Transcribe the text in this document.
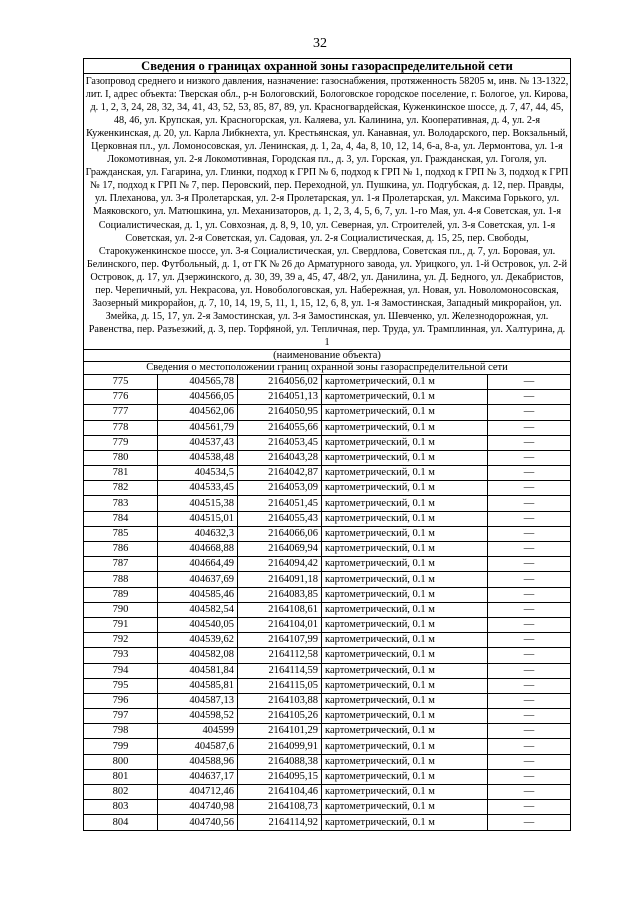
32
Сведения о границах охранной зоны газораспределительной сети				
Газопровод среднего и низкого давления, назначение: газоснабжения, протяженность 58205 м, инв. № 13-1322, лит. I, адрес объекта: Тверская обл., р-н Бологовский, Бологовское городское поселение, г. Бологое, ул. Кирова, д. 1, 2, 3, 24, 28, 32, 34, 41, 43, 52, 53, 85, 87, 89, ул. Красногвардейская, Куженкинское шоссе, д. 7, 47, 44, 45, 48, 46, ул. Крупская, ул. Красногорская, ул. Каляева, ул. Калинина, ул. Кооперативная, д. 4, ул. 2-я Куженкинская, д. 20, ул. Карла Либкнехта, ул. Крестьянская, ул. Канавная, ул. Володарского, пер. Вокзальный, Церковная пл., ул. Ломоносовская, ул. Ленинская, д. 1, 2а, 4, 4а, 8, 10, 12, 14, 6-а, 8-а, ул. Лермонтова, ул. 1-я Локомотивная, ул. 2-я Локомотивная, Городская пл., д. 3, ул. Горская, ул. Гражданская, ул. Гоголя, ул. Гражданская, ул. Гагарина, ул. Глинки, подход к ГРП № 6, подход к ГРП № 1, подход к ГРП № 3, подход к ГРП № 17, подход к ГРП № 7, пер. Перовский, пер. Переходной, ул. Пушкина, ул. Подгубская, д. 12, пер. Правды, ул. Плеханова, ул. 3-я Пролетарская, ул. 2-я Пролетарская, ул. 1-я Пролетарская, ул. Максима Горького, ул. Маяковского, ул. Матюшкина, ул. Механизаторов, д. 1, 2, 3, 4, 5, 6, 7, ул. 1-го Мая, ул. 4-я Советская, ул. 1-я Социалистическая, д. 1, ул. Совхозная, д. 8, 9, 10, ул. Северная, ул. Строителей, ул. 3-я Советская, ул. 1-я Советская, ул. 2-я Советская, ул. Садовая, ул. 2-я Социалистическая, д. 15, 25, пер. Свободы, Старокуженкинское шоссе, ул. 3-я Социалистическая, ул. Свердлова, Советская пл., д. 7, ул. Боровая, ул. Белинского, пер. Футбольный, д. 1, от ГК № 26 до Арматурного завода, ул. Урицкого, ул. 1-й Островок, ул. 2-й Островок, д. 17, ул. Дзержинского, д. 30, 39, 39 а, 45, 47, 48/2, ул. Данилина, ул. Д. Бедного, ул. Декабристов, пер. Черепичный, ул. Некрасова, ул. Новобологовская, ул. Набережная, ул. Новая, ул. Новоломоносовская, Заозерный микрорайон, д. 7, 10, 14, 19, 5, 11, 1, 15, 12, 6, 8, ул. 1-я Замостинская, Западный микрорайон, ул. Змейка, д. 15, 17, ул. 2-я Замостинская, ул. 3-я Замостинская, ул. Шевченко, ул. Железнодорожная, ул. Равенства, пер. Разъезжий, д. 3, пер. Торфяной, ул. Тепличная, пер. Труда, ул. Трамплинная, ул. Халтурина, д. 1				
(наименование объекта)				
Сведения о местоположении границ охранной зоны газораспределительной сети				
775	404565,78	2164056,02	картометрический, 0.1 м	—
776	404566,05	2164051,13	картометрический, 0.1 м	—
777	404562,06	2164050,95	картометрический, 0.1 м	—
778	404561,79	2164055,66	картометрический, 0.1 м	—
779	404537,43	2164053,45	картометрический, 0.1 м	—
780	404538,48	2164043,28	картометрический, 0.1 м	—
781	404534,5	2164042,87	картометрический, 0.1 м	—
782	404533,45	2164053,09	картометрический, 0.1 м	—
783	404515,38	2164051,45	картометрический, 0.1 м	—
784	404515,01	2164055,43	картометрический, 0.1 м	—
785	404632,3	2164066,06	картометрический, 0.1 м	—
786	404668,88	2164069,94	картометрический, 0.1 м	—
787	404664,49	2164094,42	картометрический, 0.1 м	—
788	404637,69	2164091,18	картометрический, 0.1 м	—
789	404585,46	2164083,85	картометрический, 0.1 м	—
790	404582,54	2164108,61	картометрический, 0.1 м	—
791	404540,05	2164104,01	картометрический, 0.1 м	—
792	404539,62	2164107,99	картометрический, 0.1 м	—
793	404582,08	2164112,58	картометрический, 0.1 м	—
794	404581,84	2164114,59	картометрический, 0.1 м	—
795	404585,81	2164115,05	картометрический, 0.1 м	—
796	404587,13	2164103,88	картометрический, 0.1 м	—
797	404598,52	2164105,26	картометрический, 0.1 м	—
798	404599	2164101,29	картометрический, 0.1 м	—
799	404587,6	2164099,91	картометрический, 0.1 м	—
800	404588,96	2164088,38	картометрический, 0.1 м	—
801	404637,17	2164095,15	картометрический, 0.1 м	—
802	404712,46	2164104,46	картометрический, 0.1 м	—
803	404740,98	2164108,73	картометрический, 0.1 м	—
804	404740,56	2164114,92	картометрический, 0.1 м	—
